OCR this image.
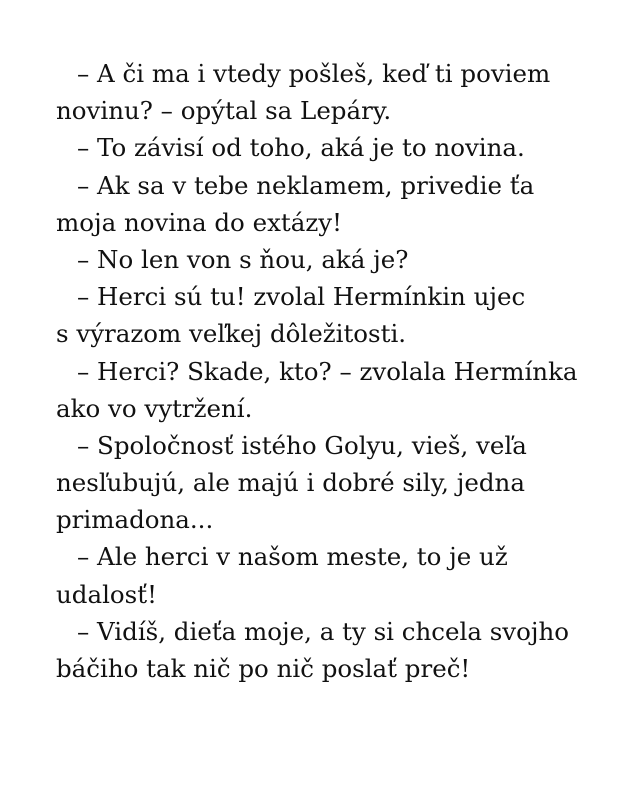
– A či ma i vtedy pošleš, keď ti poviem
novinu? – opýtal sa Lepáry.
– To závisí od toho, aká je to novina.
– Ak sa v tebe neklamem, privedie ťa
moja novina do extázy!
– No len von s ňou, aká je?
– Herci sú tu! zvolal Hermínkin ujec
s výrazom veľkej dôležitosti.
– Herci? Skade, kto? – zvolala Hermínka
ako vo vytržení.
– Spoločnosť istého Golyu, vieš, veľa
nesľubujú, ale majú i dobré sily, jedna
primadona...
– Ale herci v našom meste, to je už
udalosť!
– Vidíš, dieťa moje, a ty si chcela svojho
báčiho tak nič po nič poslať preč!
